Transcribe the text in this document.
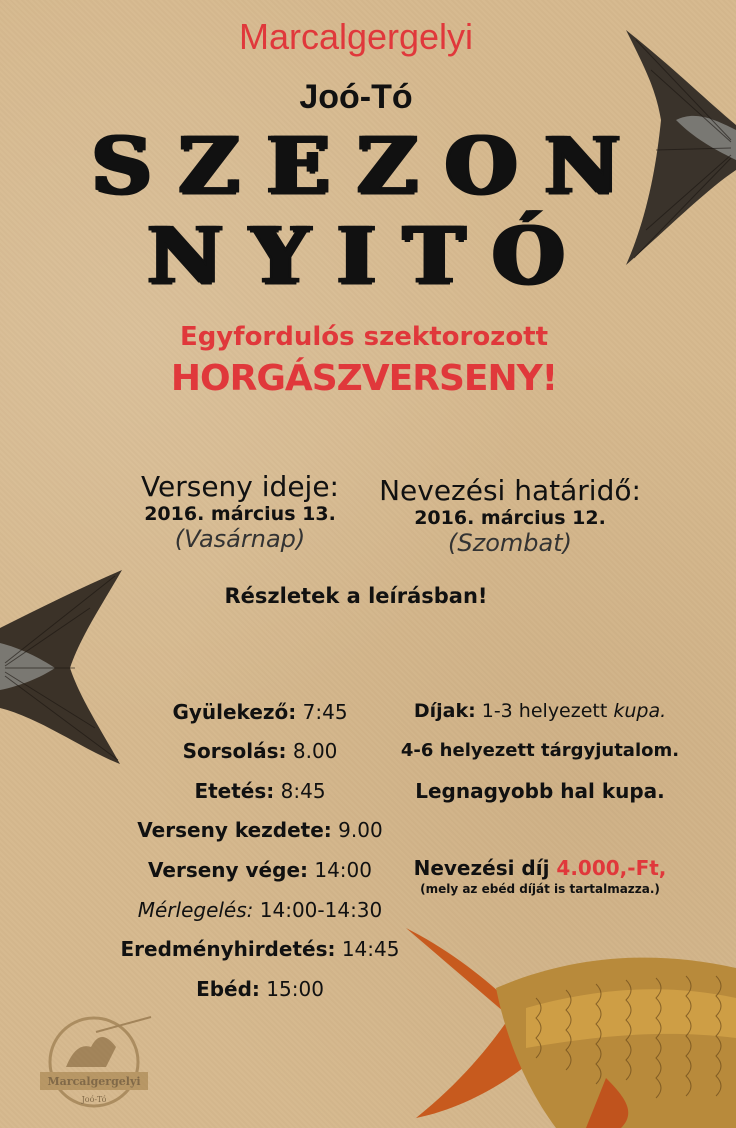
Marcalgergelyi
Joó-Tó
Marcalgergelyi
Joó-Tó
SZEZON
NYITÓ
Egyfordulós szektorozott
HORGÁSZVERSENY!
Verseny ideje:
2016. március 13.
(Vasárnap)
Nevezési határidő:
2016. március 12.
(Szombat)
Részletek a leírásban!
Gyülekező: 7:45
Sorsolás: 8.00
Etetés: 8:45
Verseny kezdete: 9.00
Verseny vége: 14:00
Mérlegelés: 14:00-14:30
Eredményhirdetés: 14:45
Ebéd: 15:00
Díjak: 1-3 helyezett kupa.
4-6 helyezett tárgyjutalom.
Legnagyobb hal kupa.
Nevezési díj 4.000,-Ft,
(mely az ebéd díját is tartalmazza.)
